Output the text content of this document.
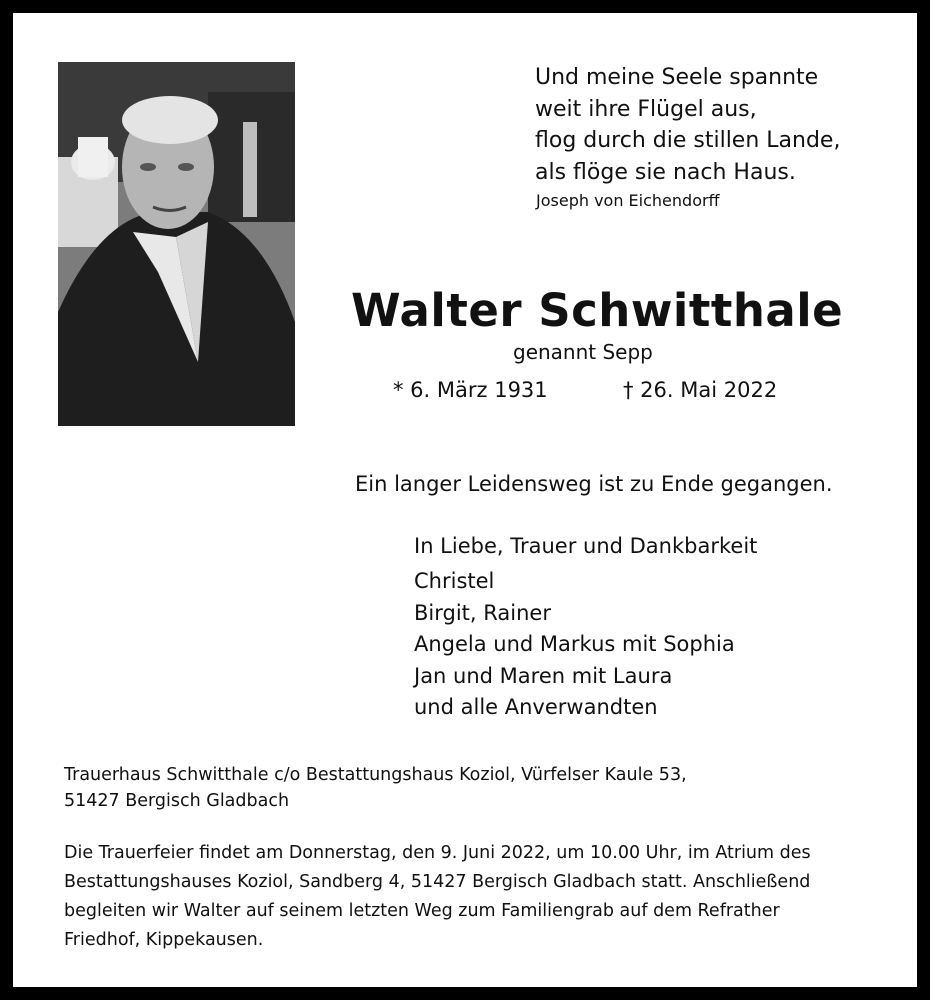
Und meine Seele spannte
weit ihre Flügel aus,
flog durch die stillen Lande,
als flöge sie nach Haus.
Joseph von Eichendorff
Walter Schwitthale
genannt Sepp
* 6. März 1931	† 26. Mai 2022
Ein langer Leidensweg ist zu Ende gegangen.
In Liebe, Trauer und Dankbarkeit
Christel
Birgit, Rainer
Angela und Markus mit Sophia
Jan und Maren mit Laura
und alle Anverwandten
Trauerhaus Schwitthale c/o Bestattungshaus Koziol, Vürfelser Kaule 53,
51427 Bergisch Gladbach
Die Trauerfeier findet am Donnerstag, den 9. Juni 2022, um 10.00 Uhr, im Atrium des
Bestattungshauses Koziol, Sandberg 4, 51427 Bergisch Gladbach statt. Anschließend
begleiten wir Walter auf seinem letzten Weg zum Familiengrab auf dem Refrather
Friedhof, Kippekausen.
